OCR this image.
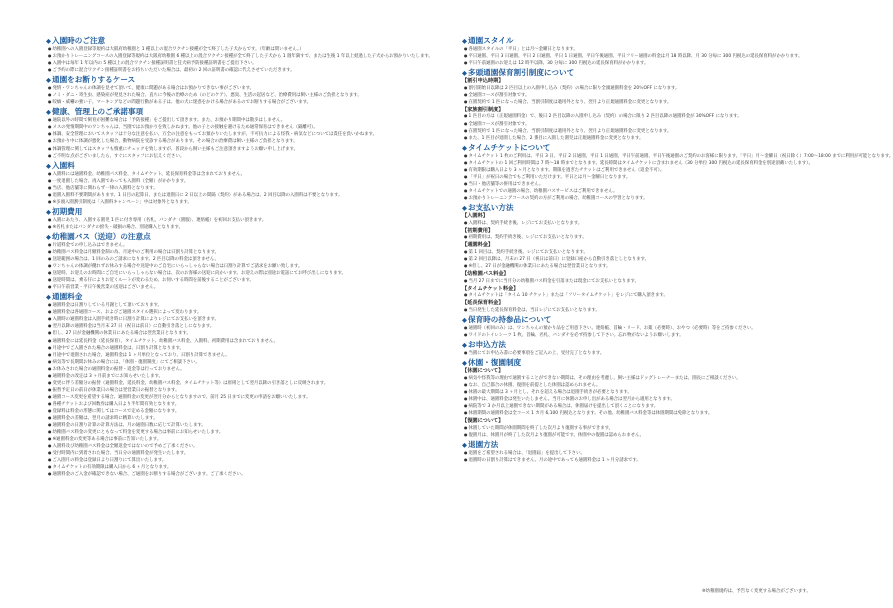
◆入園時のご注意
●幼稚園への入園登録等規約は大阪府幼稚園と 1 種以上の混合ワクチン接種が全て終了した子犬からです。（年齢は問いません。）
●お預かりトレーニングコースの入園登録等規約は大阪府幼稚園 6 種以上の混合ワクチン接種が全て終了した子犬から 1 週年満すで、または生後 1 年以上経過した子犬からお預かりいたします。
●入園中は毎年 1 年以内の 5 種以上の混合ワクチン接種証明書と狂犬病予防接種証明書をご提出下さい。
●ご予約の際に混合ワクチン接種証明書をお持ちいただいた場合は、最初の 2 回の証明書の確認に代えさせていただきます。
◆通園をお断りするケース
●発情・ワンちゃんの体調を見せて頂いて、健康に問題がある場合はお預かりできない事がございます。
●ノミ・ダニ・寄生虫、感染症が発見された場合、直ちに今後の治療のため（のどのケア）、悪臭、生活の起居など、治療費用は飼い主様のご負担となります。
●咬癖・威嚇の強い子、マーキングなどの問題行動がある子は、他の犬に迷惑をかける場合があるのでお断りする場合がございます。
◆健康、管理上のご承諾事項
●通院以外の時間で飼育が困難な場合は「予防接種」をご提出して頂きます。また、お預かり期間中は散歩はしません。
●メスの発情期間中のワンちゃんは、当園ではお預かりを致しかねます。他の子との接触を避けるため通常保育はできません（隔離可）。
●体調、安全管理においてスタッフは十分な注意を払い、万全の注意をもってお預かりいたしますが、不可抗力による怪我・病気などについては責任を負いかねます。
●お預かり中に体調が悪化した場合、動物病院を受診する場合があります。その場合の治療費は飼い主様のご負担となります。
●体調管理に関してはスタッフも慎重にチェックを致しますが、普段から飼い主様もご注意頂きますようお願い申し上げます。
●ご不明な点がございましたら、すぐにスタッフにお伝えください。
◆入園料
●入園料には通園料金、幼稚園パス料金、タイムチケット、延長保育料金等は含まれておりません。
●一度退園した場合、再入園であっても入園料（全額）がかかります。
●当店、他店舗等に関わらず一律の入園料となります。
●退園入園料不要期間があります。1 日目の起算日、または退園日に 2 日以上の間隔（契約）がある場合は、2 回目以降の入園料は不要となります。
●※多頭入園割引制度は「入園料キャンペーン」中は対象外となります。
◆初期費用
●入園にあたり、入園する園児 1 匹に付き専用（名札、バンダナ（園服）、連絡帳）を初回お支払い頂きます。
●※名札またはバンダナの紛失・破損の場合、別途購入となります。
◆幼稚園バス（送迎）の注意点
●片道料金での申し込みはできません。
●幼稚園バス料金は月額料金制の為、月途中のご利用の場合は日割り計算となります。
●送迎範囲の場合は、1 回のみのご請求になります。2 匹目以降の料金は頂きません。
●ワンちゃんの体調が優れずお休みする場合や送迎中のご自宅にいらっしゃらない場合は日割り計算でご請求をお願い致します。
●送迎時、お迎えのお時間にご自宅にいらっしゃらない場合は、次のお客様の送迎に向かいます。お迎えの際は別途お電話にてお呼び出しになります。
●送迎時間は、乗る仔によりお近くルートが変わるため、お伺いする時間を前後することがございます。
●平日午前営業・平日午後営業の送迎はございません。
◆通園料金
●通園料金は日割りしている月謝として頂いております。
●通園料金は各通園コース、およびご通園スタイル選択によって変わります。
●入園時の通園料金は入園手続き時に日割り計算によりレジにてお支払いを頂きます。
●翌月以降の通園料金は当月末 27 日（祝日は前日）に自動引き落としになります。
●但し、27 日が金融機関の休業日にあたる場合は翌営業日となります。
●通園料金には延長料金（延長保育）、タイムチケット、幼稚園バス料金、入園料、初期費用は含まれておりません。
●月途中でご入園された場合の通園料金は、日割り計算となります。
●月途中で退園された場合、通園料金は 1 ヶ月単位となっており、日割り計算できません。
●病気等で長期間お休みの場合には、「休園・復園制度」にてご相談下さい。
●お休みされた場合の通園料金の振替・返金等は行っておりません。
●通園料金の改定は 3 ヶ月前までにお知らせいたします。
●変更に伴う差額分の振替（通園料金、延長料金、幼稚園バス料金、タイムチケット等）は原則として翌月以降の引き落としに反映されます。
●振替予定日の前日が休業日の場合は翌営業日の振替となります。
●通園コース変更を希望する場合、通園料金の変更が翌月分からとなりますので、前月 25 日までに変更の申請をお願いいたします。
●各種チケットおよび回数券は購入日より半年間有効となります。
●登録料は料金の形態に関してはコースで定める金額になります。
●通園料金の差額は、翌月の請求時に精算いたします。
●通園料金の日割り計算の計算方法は、月の通園日数に応じて計算いたします。
●幼稚園バス料金の変更にともなって料金を変更する場合は事前にお知らせいたします。
●※通園料金の変更等ある場合は事前に告知いたします。
●入園料及び幼稚園バス料金は全額返金ではないので予めご了承ください。
●受付時間内に到着された場合、当日分の通園料金が発生いたします。
●ご入園月の料金は登録日より日割りにて算出いたします。
●タイムチケットの有効期限は購入日から 6 ヶ月となります。
●通園料金のご入金が確認できない場合、ご通園をお断りする場合がございます。ご了承ください。
◆通園スタイル
●各通園スタイルの「平日」とは月〜金曜日となります。
●平日通園、平日 3 日通園、平日 2 日通園、平日 1 日通園、平日午後通園、平日フリー通園の料金は月 18 時以降、月 30 分毎に 300 円税込の延長保育料がかかります。
●平日午前通園のお迎えは 12 時半以降、30 分毎に 300 円税込の延長保育料がかかります。
◆多頭通園保育割引制度について
【割引申込時期】
●割引開始日以降は 2 匹目以上の入園申し込み（契約）の場合に限り全頭通園料金を 20％OFF になります。
●全通園コースが割引対象です。
●在園契約で 1 匹になった場合、当割引制度は適用外となり、翌月より正規通園料金に変更となります。
【家族割引制度】
●1 匹目の方は（正規通園料金）で、後日 2 匹目以降の入園申し込み（契約）の場合に限り 2 匹目以降の通園料金が 30%OFF になります。
●全通園コースが割引対象です。
●在園契約で 1 匹になった場合、当割引制度は適用外となり、翌月より正規通園料金に変更となります。
●また、1 匹目が退園した場合、2 番目に入園した園児は正規通園料金に変更となります。
◆タイムチケットについて
●タイムチケット 1 枚のご利用は、平日 3 日、平日 2 日通園、平日 1 日通園、平日午前通園、平日午後通園のご契約のお客様に限ります。「平日」月〜金曜日（祝日除く）7:00〜18:00 までに利用が可能となります。
●タイムチケットの 1 回ご利用時間は 7 時〜18 時までとなります。延長時間はタイムチケットに含まれません（30 分単位 300 円税込の延長保育料金を別途頂戴いたします）。
●有効期限は購入日より 3 ヶ月となります。期限を過ぎたチケットはご利用できません（返金不可）。
●「平日」が祝日の場合でもご利用いただけます。平日とは月〜金曜日となります。
●当日・他店舗等の併用はできません。
●タイムチケットでの通園の場合、幼稚園バスサービスはご利用できません。
●お預かりトレーニングコースの契約の方がご利用の場合、幼稚園コースの学習となります。
◆お支払い方法
【入園料】
●入園料は、契約手続き後、レジにてお支払いとなります。
【初期費用】
●初期費用は、契約手続き後、レジにてお支払いとなります。
【通園料金】
●第 1 回目は、契約手続き後、レジにてお支払いとなります。
●第 2 回目以降は、月末の 27 日（祝日は前日）に登録口座から自動引き落としとなります。
●※但し、27 日が金融機関の休業日にあたる場合は翌営業日となります。
【幼稚園バス料金】
●当月 27 日までに当月分の幼稚園バス料金を引落または現金にてお支払いとなります。
【タイムチケット料金】
●タイムチケットは「タイム 10 チケット」または「フリータイムチケット」をレジにて購入頂きます。
【延長保育料金】
●当日発生した延長保育料金は、当日レジにてお支払いとなります。
◆保育時の持参品について
●通園時（初回のみ）は、ワンちゃんの預かり品をご用意下さい。連絡帳、首輪・リード、お薬（必要時）、おやつ（必要時）等をご持参ください。
●ワイドのトイレシーツ 1 枚、首輪、名札、バンダナを必ず持参して下さい。忘れ物がないようお願いします。
◆お申込方法
●当園にてお申込み書に必要事項をご記入の上、受付完了となります。
◆休園・復園制度
【休園について】
●病気や怪我等の理由で通園することができない期間は、その理由を考慮し、飼い主様はドッグトレーナーまたは、園長にご相談ください。
●なお、自己都合の休園、復園を前提とした休園は認められません。
●休園の最大期間は 3 ヶ月とし、それを超える場合は退園手続きが必要となります。
●休園中は、通園料金は発生いたしません。当月に休園のお申し出がある場合は翌月から適用となります。
●病院等で 3 か月以上通園できない期間がある場合は、休園届けを提出して頂くことになります。
●休園期間の通園料金は全コース 1 カ月 6,100 円税込となります。その他、幼稚園バス料金等は休園期間は免除となります。
【復園について】
●休園していた期間が休園期間を終了した次月より復園する事ができます。
●復園月は、休園月が終了した次月より復園が可能です。休園中の復園は認められません。
◆退園方法
●退園をご希望される場合は、「退園届」を提出して下さい。
●退園時の日割り計算はできません。月の途中であっても通園料金は 1 ヶ月分請求です。
※幼稚園規約は、予告なく変更する場合がございます。
